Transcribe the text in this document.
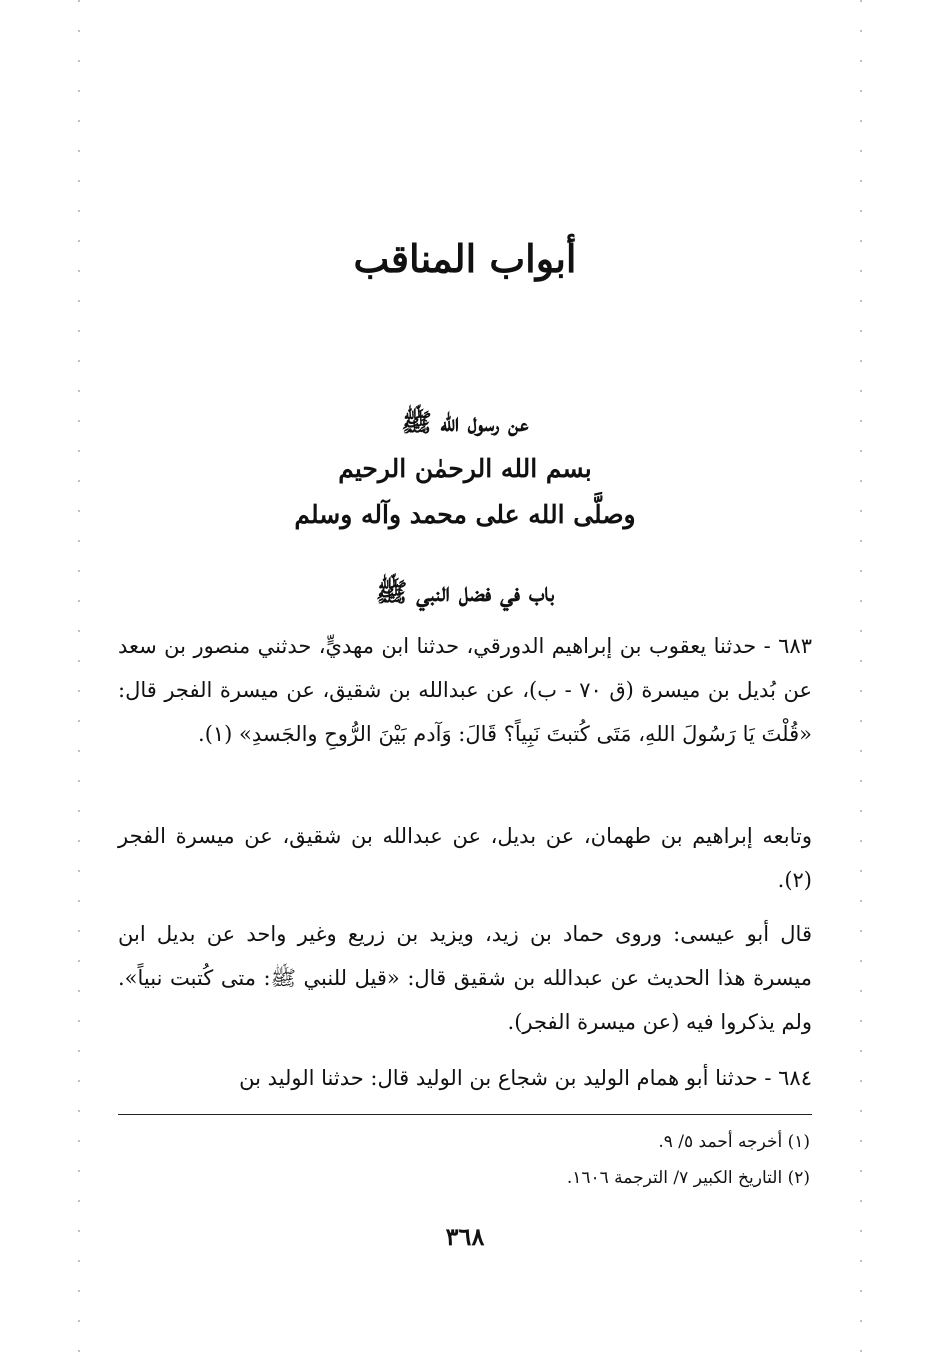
أبواب المناقب
عن رسول الله ﷺ
بسم الله الرحمٰن الرحيم
وصلَّى الله على محمد وآله وسلم
باب في فضل النبي ﷺ

٦٨٣ - حدثنا يعقوب بن إبراهيم الدورقي، حدثنا ابن مهديٍّ، حدثني منصور بن سعد عن بُديل بن ميسرة (ق ٧٠ - ب)، عن عبدالله بن شقيق، عن ميسرة الفجر قال: «قُلْتَ يَا رَسُولَ اللهِ، مَتَى كُتبتَ نَبِياً؟ قَالَ: وَآدم بَيْنَ الرُّوحِ والجَسدِ» (١).

وتابعه إبراهيم بن طهمان، عن بديل، عن عبدالله بن شقيق، عن ميسرة الفجر (٢).

قال أبو عيسى: وروى حماد بن زيد، ويزيد بن زريع وغير واحد عن بديل ابن ميسرة هذا الحديث عن عبدالله بن شقيق قال: «قيل للنبي ﷺ: متى كُتبت نبياً». ولم يذكروا فيه (عن ميسرة الفجر).

٦٨٤ - حدثنا أبو همام الوليد بن شجاع بن الوليد قال: حدثنا الوليد بن

(١) أخرجه أحمد ٥/ ٩.
(٢) التاريخ الكبير ٧/ الترجمة ١٦٠٦.
٣٦٨
